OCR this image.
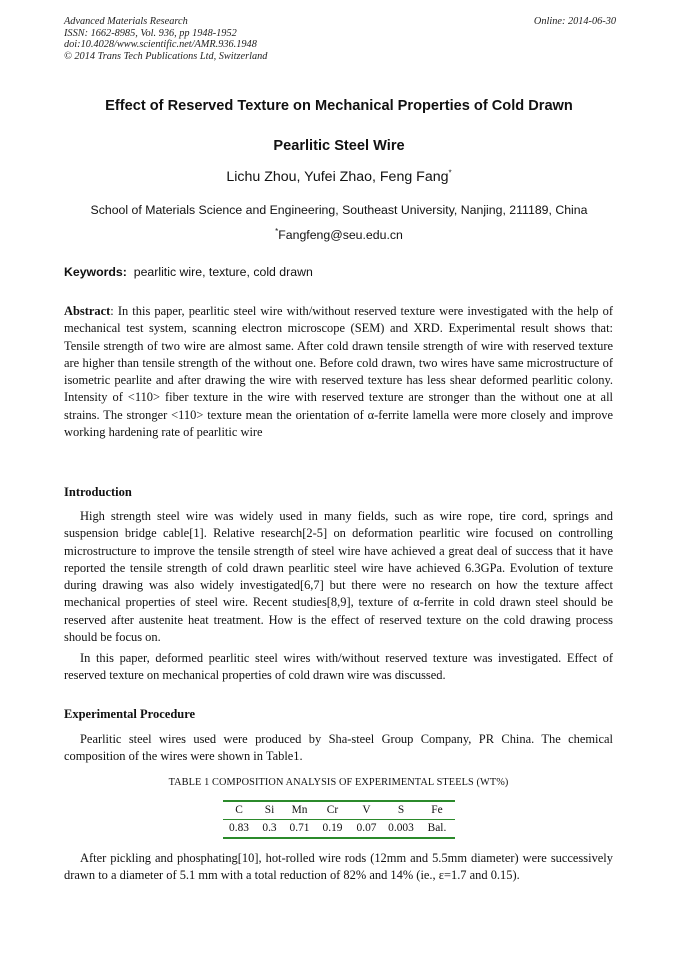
Advanced Materials Research
ISSN: 1662-8985, Vol. 936, pp 1948-1952
doi:10.4028/www.scientific.net/AMR.936.1948
© 2014 Trans Tech Publications Ltd, Switzerland
Online: 2014-06-30
Effect of Reserved Texture on Mechanical Properties of Cold Drawn
Pearlitic Steel Wire
Lichu Zhou, Yufei Zhao, Feng Fang*
School of Materials Science and Engineering, Southeast University, Nanjing, 211189, China
*Fangfeng@seu.edu.cn
Keywords: pearlitic wire, texture, cold drawn

Abstract: In this paper, pearlitic steel wire with/without reserved texture were investigated with the help of mechanical test system, scanning electron microscope (SEM) and XRD. Experimental result shows that: Tensile strength of two wire are almost same. After cold drawn tensile strength of wire with reserved texture are higher than tensile strength of the without one. Before cold drawn, two wires have same microstructure of isometric pearlite and after drawing the wire with reserved texture has less shear deformed pearlitic colony. Intensity of <110> fiber texture in the wire with reserved texture are stronger than the without one at all strains. The stronger <110> texture mean the orientation of α-ferrite lamella were more closely and improve working hardening rate of pearlitic wire

Introduction

High strength steel wire was widely used in many fields, such as wire rope, tire cord, springs and suspension bridge cable[1]. Relative research[2-5] on deformation pearlitic wire focused on controlling microstructure to improve the tensile strength of steel wire have achieved a great deal of success that it have reported the tensile strength of cold drawn pearlitic steel wire have achieved 6.3GPa. Evolution of texture during drawing was also widely investigated[6,7] but there were no research on how the texture affect mechanical properties of steel wire. Recent studies[8,9], texture of α-ferrite in cold drawn steel should be reserved after austenite heat treatment. How is the effect of reserved texture on the cold drawing process should be focus on.

In this paper, deformed pearlitic steel wires with/without reserved texture was investigated. Effect of reserved texture on mechanical properties of cold drawn wire was discussed.

Experimental Procedure

Pearlitic steel wires used were produced by Sha-steel Group Company, PR China. The chemical composition of the wires were shown in Table1.

TABLE 1 COMPOSITION ANALYSIS OF EXPERIMENTAL STEELS (WT%)
C	Si	Mn	Cr	V	S	Fe
0.83	0.3	0.71	0.19	0.07	0.003	Bal.

After pickling and phosphating[10], hot-rolled wire rods (12mm and 5.5mm diameter) were successively drawn to a diameter of 5.1 mm with a total reduction of 82% and 14% (ie., ε=1.7 and 0.15).
